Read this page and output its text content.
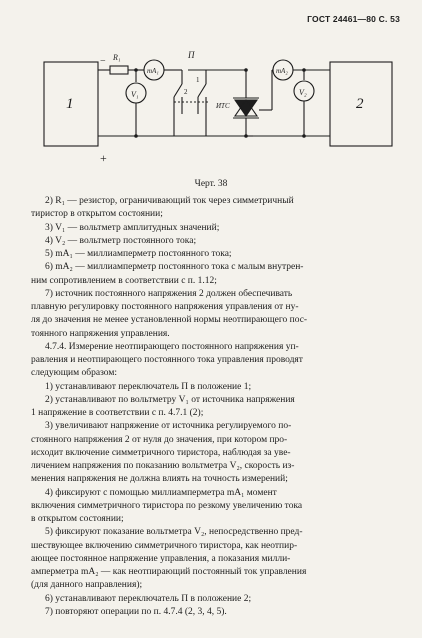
ГОСТ 24461—80 С. 53
1	2
+
− R₁
mA₁
V₁
П
1
2
ИТС
mA₂
V₂
Черт. 38

2) R₁ — резистор, ограничивающий ток через симметричный

тиристор в открытом состоянии;

3) V₁ — вольтметр амплитудных значений;

4) V₂ — вольтметр постоянного тока;

5) mA₁ — миллиамперметр постоянного тока;

6) mA₂ — миллиамперметр постоянного тока с малым внутрен-

ним сопротивлением в соответствии с п. 1.12;

7) источник постоянного напряжения 2 должен обеспечивать

плавную регулировку постоянного напряжения управления от ну-

ля до значения не менее установленной нормы неотпирающего пос-

тоянного напряжения управления.

4.7.4. Измерение неотпирающего постоянного напряжения уп-

равления и неотпирающего постоянного тока управления проводят

следующим образом:

1) устанавливают переключатель П в положение 1;

2) устанавливают по вольтметру V₁ от источника напряжения

1 напряжение в соответствии с п. 4.7.1 (2);

3) увеличивают напряжение от источника регулируемого по-

стоянного напряжения 2 от нуля до значения, при котором про-

исходит включение симметричного тиристора, наблюдая за уве-

личением напряжения по показанию вольтметра V₂, скорость из-

менения напряжения не должна влиять на точность измерений;

4) фиксируют с помощью миллиамперметра mA₁ момент

включения симметричного тиристора по резкому увеличению тока

в открытом состоянии;

5) фиксируют показание вольтметра V₂, непосредственно пред-

шествующее включению симметричного тиристора, как неотпир-

ающее постоянное напряжение управления, а показания милли-

амперметра mA₂ — как неотпирающий постоянный ток управления

(для данного направления);

6) устанавливают переключатель П в положение 2;

7) повторяют операции по п. 4.7.4 (2, 3, 4, 5).
